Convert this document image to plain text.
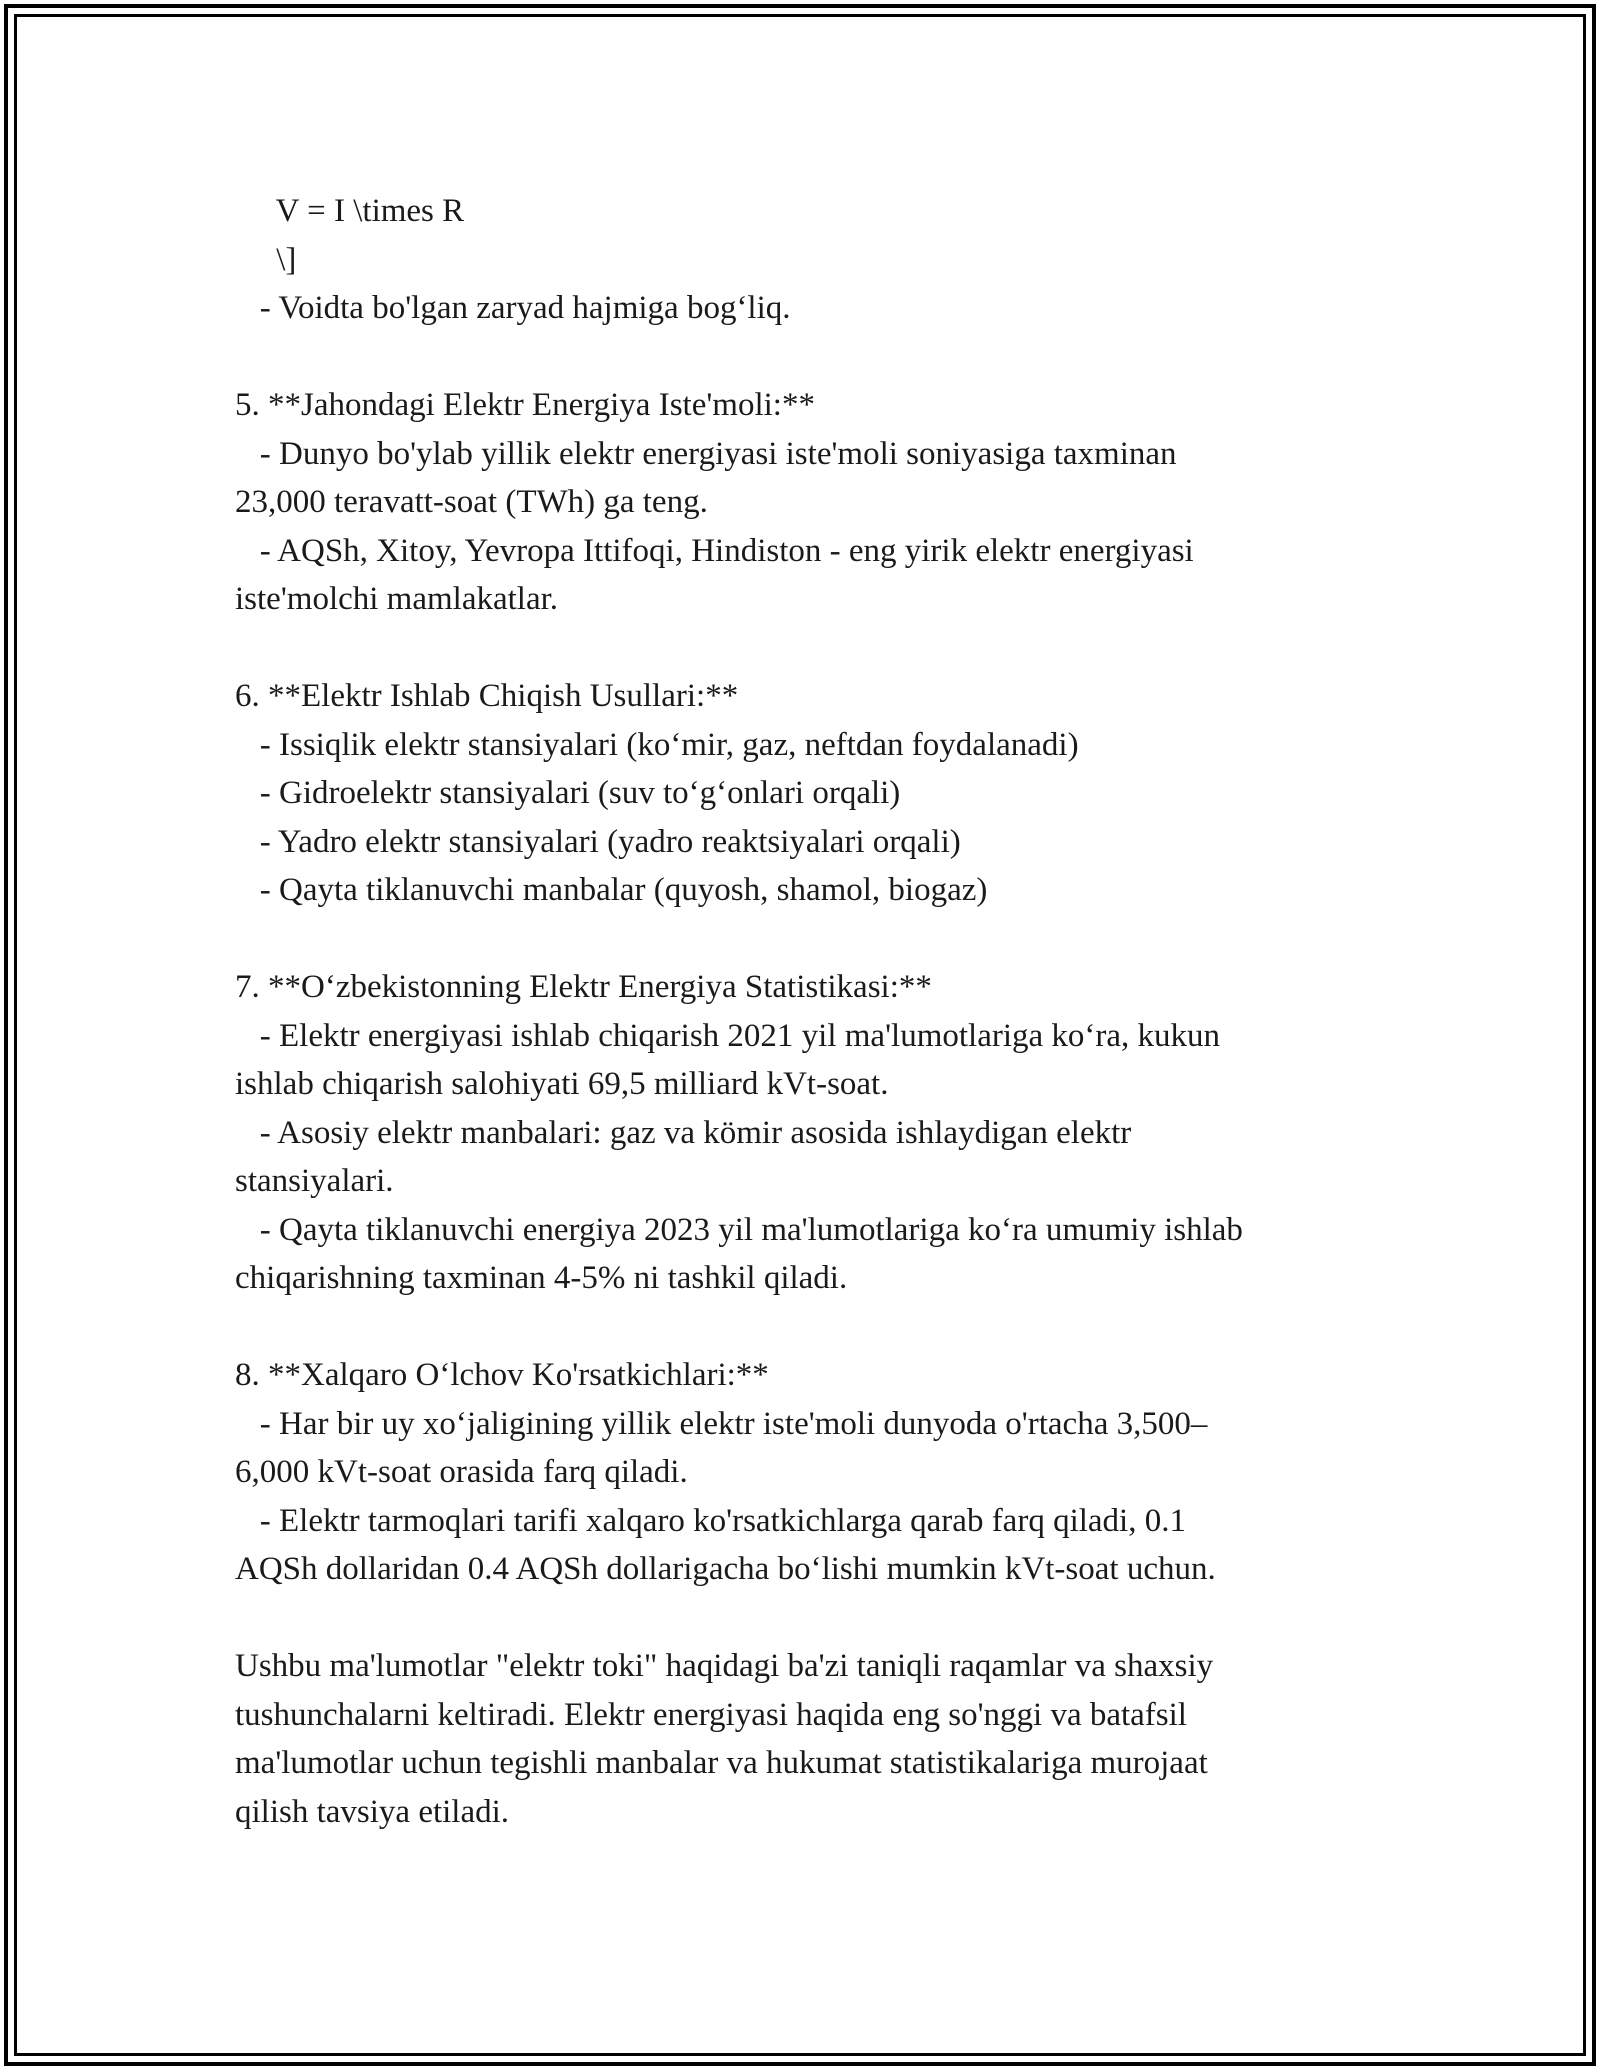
V = I \times R

\]

- Voidta bo'lgan zaryad hajmiga bog‘liq.

5. **Jahondagi Elektr Energiya Iste'moli:**

- Dunyo bo'ylab yillik elektr energiyasi iste'moli soniyasiga taxminan

23,000 teravatt-soat (TWh) ga teng.

- AQSh, Xitoy, Yevropa Ittifoqi, Hindiston - eng yirik elektr energiyasi

iste'molchi mamlakatlar.

6. **Elektr Ishlab Chiqish Usullari:**

- Issiqlik elektr stansiyalari (ko‘mir, gaz, neftdan foydalanadi)

- Gidroelektr stansiyalari (suv to‘g‘onlari orqali)

- Yadro elektr stansiyalari (yadro reaktsiyalari orqali)

- Qayta tiklanuvchi manbalar (quyosh, shamol, biogaz)

7. **O‘zbekistonning Elektr Energiya Statistikasi:**

- Elektr energiyasi ishlab chiqarish 2021 yil ma'lumotlariga ko‘ra, kukun

ishlab chiqarish salohiyati 69,5 milliard kVt-soat.

- Asosiy elektr manbalari: gaz va kömir asosida ishlaydigan elektr

stansiyalari.

- Qayta tiklanuvchi energiya 2023 yil ma'lumotlariga ko‘ra umumiy ishlab

chiqarishning taxminan 4-5% ni tashkil qiladi.

8. **Xalqaro O‘lchov Ko'rsatkichlari:**

- Har bir uy xo‘jaligining yillik elektr iste'moli dunyoda o'rtacha 3,500–

6,000 kVt-soat orasida farq qiladi.

- Elektr tarmoqlari tarifi xalqaro ko'rsatkichlarga qarab farq qiladi, 0.1

AQSh dollaridan 0.4 AQSh dollarigacha bo‘lishi mumkin kVt-soat uchun.

Ushbu ma'lumotlar "elektr toki" haqidagi ba'zi taniqli raqamlar va shaxsiy

tushunchalarni keltiradi. Elektr energiyasi haqida eng so'nggi va batafsil

ma'lumotlar uchun tegishli manbalar va hukumat statistikalariga murojaat

qilish tavsiya etiladi.
